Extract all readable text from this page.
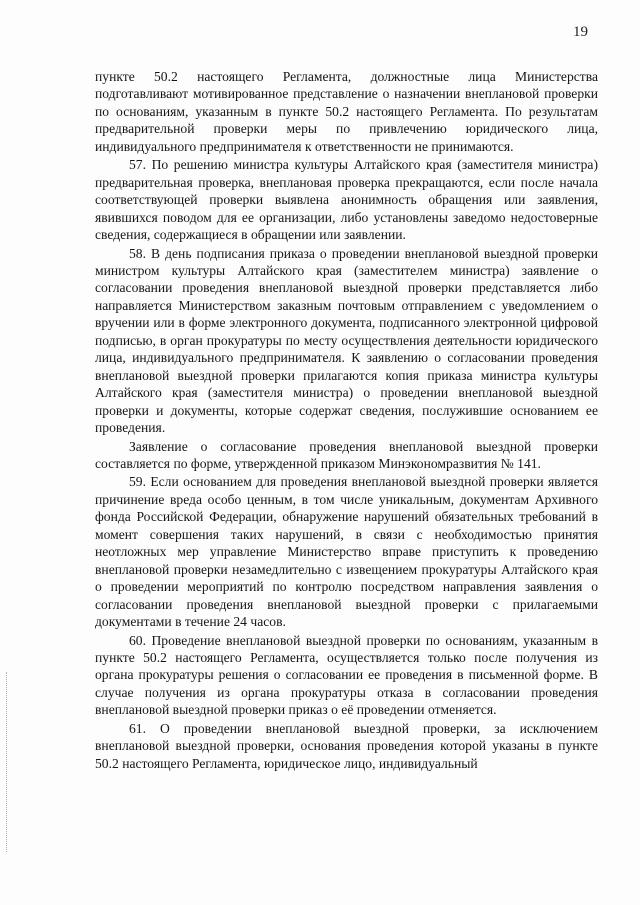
19

пункте 50.2 настоящего Регламента, должностные лица Министерства подготавливают мотивированное представление о назначении внеплановой проверки по основаниям, указанным в пункте 50.2 настоящего Регламента. По результатам предварительной проверки меры по привлечению юридического лица, индивидуального предпринимателя к ответственности не принимаются.

57. По решению министра культуры Алтайского края (заместителя министра) предварительная проверка, внеплановая проверка прекращаются, если после начала соответствующей проверки выявлена анонимность обращения или заявления, явившихся поводом для ее организации, либо установлены заведомо недостоверные сведения, содержащиеся в обращении или заявлении.

58. В день подписания приказа о проведении внеплановой выездной проверки министром культуры Алтайского края (заместителем министра) заявление о согласовании проведения внеплановой выездной проверки представляется либо направляется Министерством заказным почтовым отправлением с уведомлением о вручении или в форме электронного документа, подписанного электронной цифровой подписью, в орган прокуратуры по месту осуществления деятельности юридического лица, индивидуального предпринимателя. К заявлению о согласовании проведения внеплановой выездной проверки прилагаются копия приказа министра культуры Алтайского края (заместителя министра) о проведении внеплановой выездной проверки и документы, которые содержат сведения, послужившие основанием ее проведения.

Заявление о согласование проведения внеплановой выездной проверки составляется по форме, утвержденной приказом Минэкономразвития № 141.

59. Если основанием для проведения внеплановой выездной проверки является причинение вреда особо ценным, в том числе уникальным, документам Архивного фонда Российской Федерации, обнаружение нарушений обязательных требований в момент совершения таких нарушений, в связи с необходимостью принятия неотложных мер управление Министерство вправе приступить к проведению внеплановой проверки незамедлительно с извещением прокуратуры Алтайского края о проведении мероприятий по контролю посредством направления заявления о согласовании проведения внеплановой выездной проверки с прилагаемыми документами в течение 24 часов.

60. Проведение внеплановой выездной проверки по основаниям, указанным в пункте 50.2 настоящего Регламента, осуществляется только после получения из органа прокуратуры решения о согласовании ее проведения в письменной форме. В случае получения из органа прокуратуры отказа в согласовании проведения внеплановой выездной проверки приказ о её проведении отменяется.

61. О проведении внеплановой выездной проверки, за исключением внеплановой выездной проверки, основания проведения которой указаны в пункте 50.2 настоящего Регламента, юридическое лицо, индивидуальный
